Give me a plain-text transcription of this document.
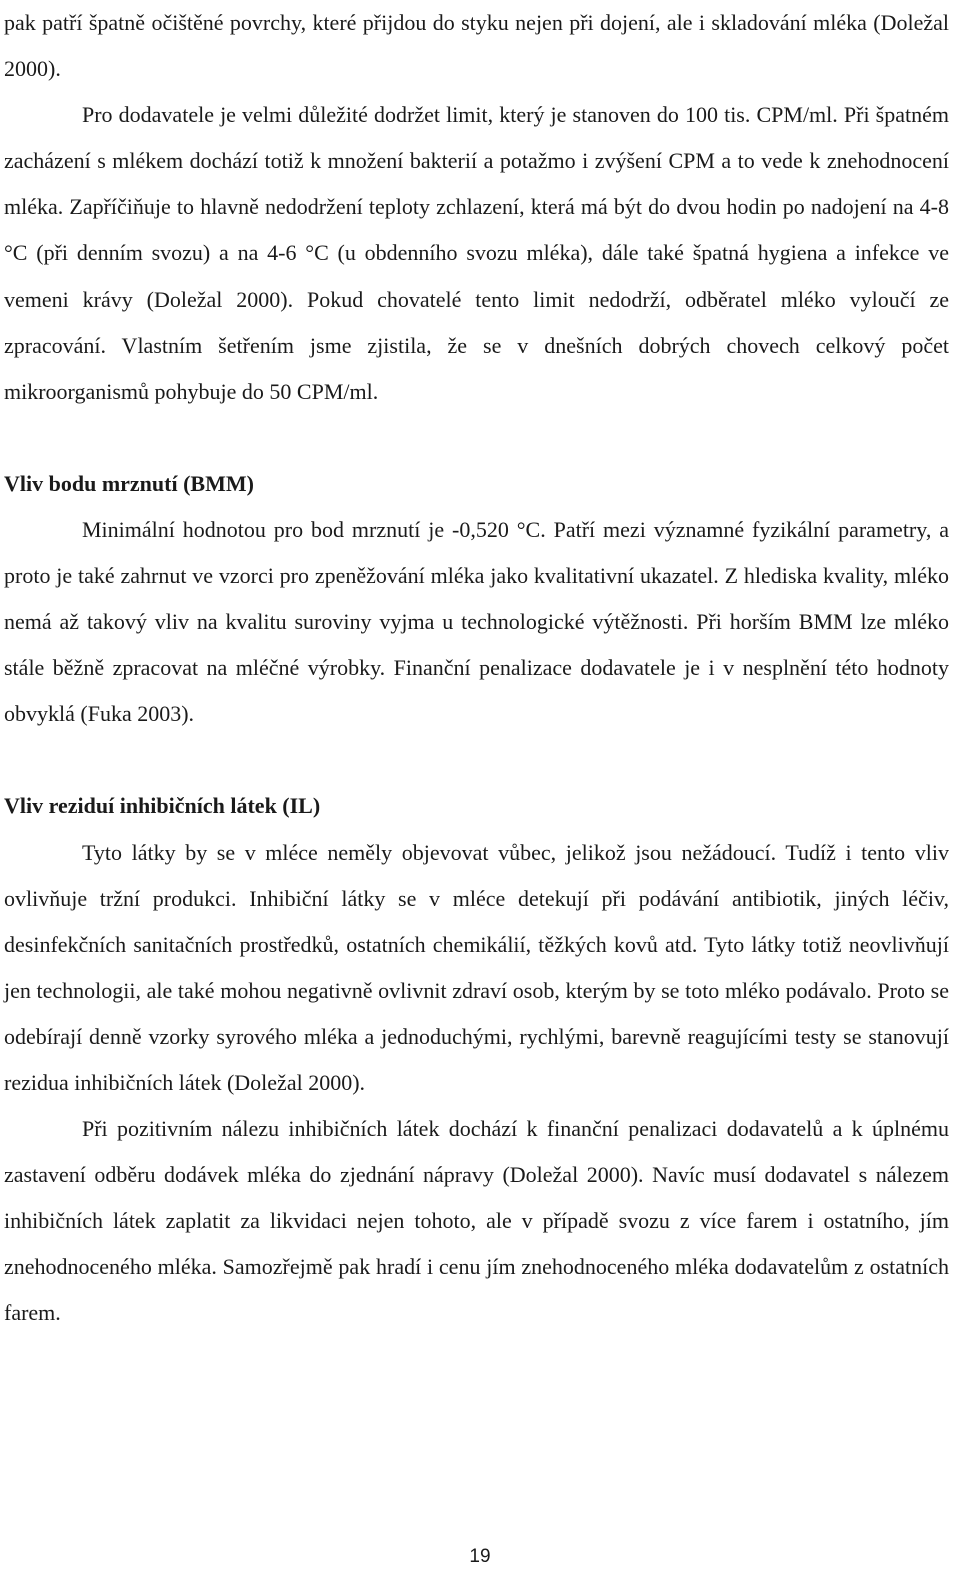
pak patří špatně očištěné povrchy, které přijdou do styku nejen při dojení, ale i skladování mléka (Doležal 2000).

Pro dodavatele je velmi důležité dodržet limit, který je stanoven do 100 tis. CPM/ml. Při špatném zacházení s mlékem dochází totiž k množení bakterií a potažmo i zvýšení CPM a to vede k znehodnocení mléka. Zapříčiňuje to hlavně nedodržení teploty zchlazení, která má být do dvou hodin po nadojení na 4-8 °C (při denním svozu) a na 4-6 °C (u obdenního svozu mléka), dále také špatná hygiena a infekce ve vemeni krávy (Doležal 2000). Pokud chovatelé tento limit nedodrží, odběratel mléko vyloučí ze zpracování. Vlastním šetřením jsme zjistila, že se v dnešních dobrých chovech celkový počet mikroorganismů pohybuje do 50 CPM/ml.

Vliv bodu mrznutí (BMM)

Minimální hodnotou pro bod mrznutí je -0,520 °C. Patří mezi významné fyzikální parametry, a proto je také zahrnut ve vzorci pro zpeněžování mléka jako kvalitativní ukazatel. Z hlediska kvality, mléko nemá až takový vliv na kvalitu suroviny vyjma u technologické výtěžnosti. Při horším BMM lze mléko stále běžně zpracovat na mléčné výrobky. Finanční penalizace dodavatele je i v nesplnění této hodnoty obvyklá (Fuka 2003).

Vliv reziduí inhibičních látek (IL)

Tyto látky by se v mléce neměly objevovat vůbec, jelikož jsou nežádoucí. Tudíž i tento vliv ovlivňuje tržní produkci. Inhibiční látky se v mléce detekují při podávání antibiotik, jiných léčiv, desinfekčních sanitačních prostředků, ostatních chemikálií, těžkých kovů atd. Tyto látky totiž neovlivňují jen technologii, ale také mohou negativně ovlivnit zdraví osob, kterým by se toto mléko podávalo. Proto se odebírají denně vzorky syrového mléka a jednoduchými, rychlými, barevně reagujícími testy se stanovují rezidua inhibičních látek (Doležal 2000).

Při pozitivním nálezu inhibičních látek dochází k finanční penalizaci dodavatelů a k úplnému zastavení odběru dodávek mléka do zjednání nápravy (Doležal 2000). Navíc musí dodavatel s nálezem inhibičních látek zaplatit za likvidaci nejen tohoto, ale v případě svozu z více farem i ostatního, jím znehodnoceného mléka. Samozřejmě pak hradí i cenu jím znehodnoceného mléka dodavatelům z ostatních farem.

19
